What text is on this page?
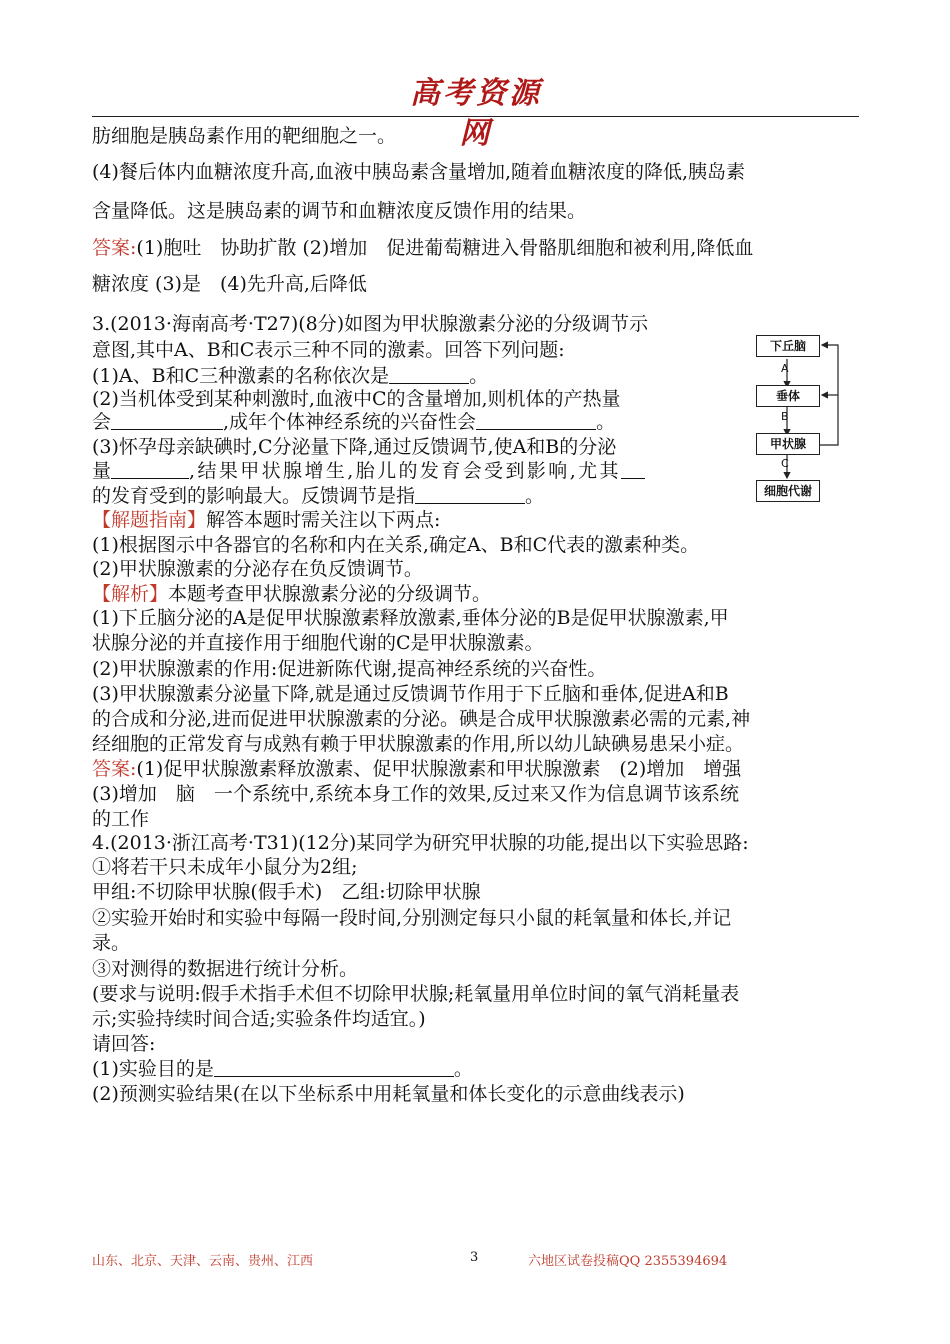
高考资源网
肪细胞是胰岛素作用的靶细胞之一。
(4)餐后体内血糖浓度升高,血液中胰岛素含量增加,随着血糖浓度的降低,胰岛素
含量降低。这是胰岛素的调节和血糖浓度反馈作用的结果。
答案:(1)胞吐　协助扩散 (2)增加　促进葡萄糖进入骨骼肌细胞和被利用,降低血
糖浓度 (3)是　(4)先升高,后降低
3.(2013·海南高考·T27)(8分)如图为甲状腺激素分泌的分级调节示
意图,其中A、B和C表示三种不同的激素。回答下列问题:
(1)A、B和C三种激素的名称依次是	。
(2)当机体受到某种刺激时,血液中C的含量增加,则机体的产热量
会	,成年个体神经系统的兴奋性会	。
(3)怀孕母亲缺碘时,C分泌量下降,通过反馈调节,使A和B的分泌
量	,结果甲状腺增生,胎儿的发育会受到影响,尤其
的发育受到的影响最大。反馈调节是指	。
下丘脑
垂体
甲状腺
细胞代谢
A
B
C
【解题指南】解答本题时需关注以下两点:
(1)根据图示中各器官的名称和内在关系,确定A、B和C代表的激素种类。
(2)甲状腺激素的分泌存在负反馈调节。
【解析】本题考查甲状腺激素分泌的分级调节。
(1)下丘脑分泌的A是促甲状腺激素释放激素,垂体分泌的B是促甲状腺激素,甲
状腺分泌的并直接作用于细胞代谢的C是甲状腺激素。
(2)甲状腺激素的作用:促进新陈代谢,提高神经系统的兴奋性。
(3)甲状腺激素分泌量下降,就是通过反馈调节作用于下丘脑和垂体,促进A和B
的合成和分泌,进而促进甲状腺激素的分泌。碘是合成甲状腺激素必需的元素,神
经细胞的正常发育与成熟有赖于甲状腺激素的作用,所以幼儿缺碘易患呆小症。
答案:(1)促甲状腺激素释放激素、促甲状腺激素和甲状腺激素　(2)增加　增强
(3)增加　脑　一个系统中,系统本身工作的效果,反过来又作为信息调节该系统
的工作
4.(2013·浙江高考·T31)(12分)某同学为研究甲状腺的功能,提出以下实验思路:
①将若干只未成年小鼠分为2组;
甲组:不切除甲状腺(假手术)　乙组:切除甲状腺
②实验开始时和实验中每隔一段时间,分别测定每只小鼠的耗氧量和体长,并记
录。
③对测得的数据进行统计分析。
(要求与说明:假手术指手术但不切除甲状腺;耗氧量用单位时间的氧气消耗量表
示;实验持续时间合适;实验条件均适宜。)
请回答:
(1)实验目的是	。
(2)预测实验结果(在以下坐标系中用耗氧量和体长变化的示意曲线表示)
山东、北京、天津、云南、贵州、江西	3	六地区试卷投稿QQ 2355394694
